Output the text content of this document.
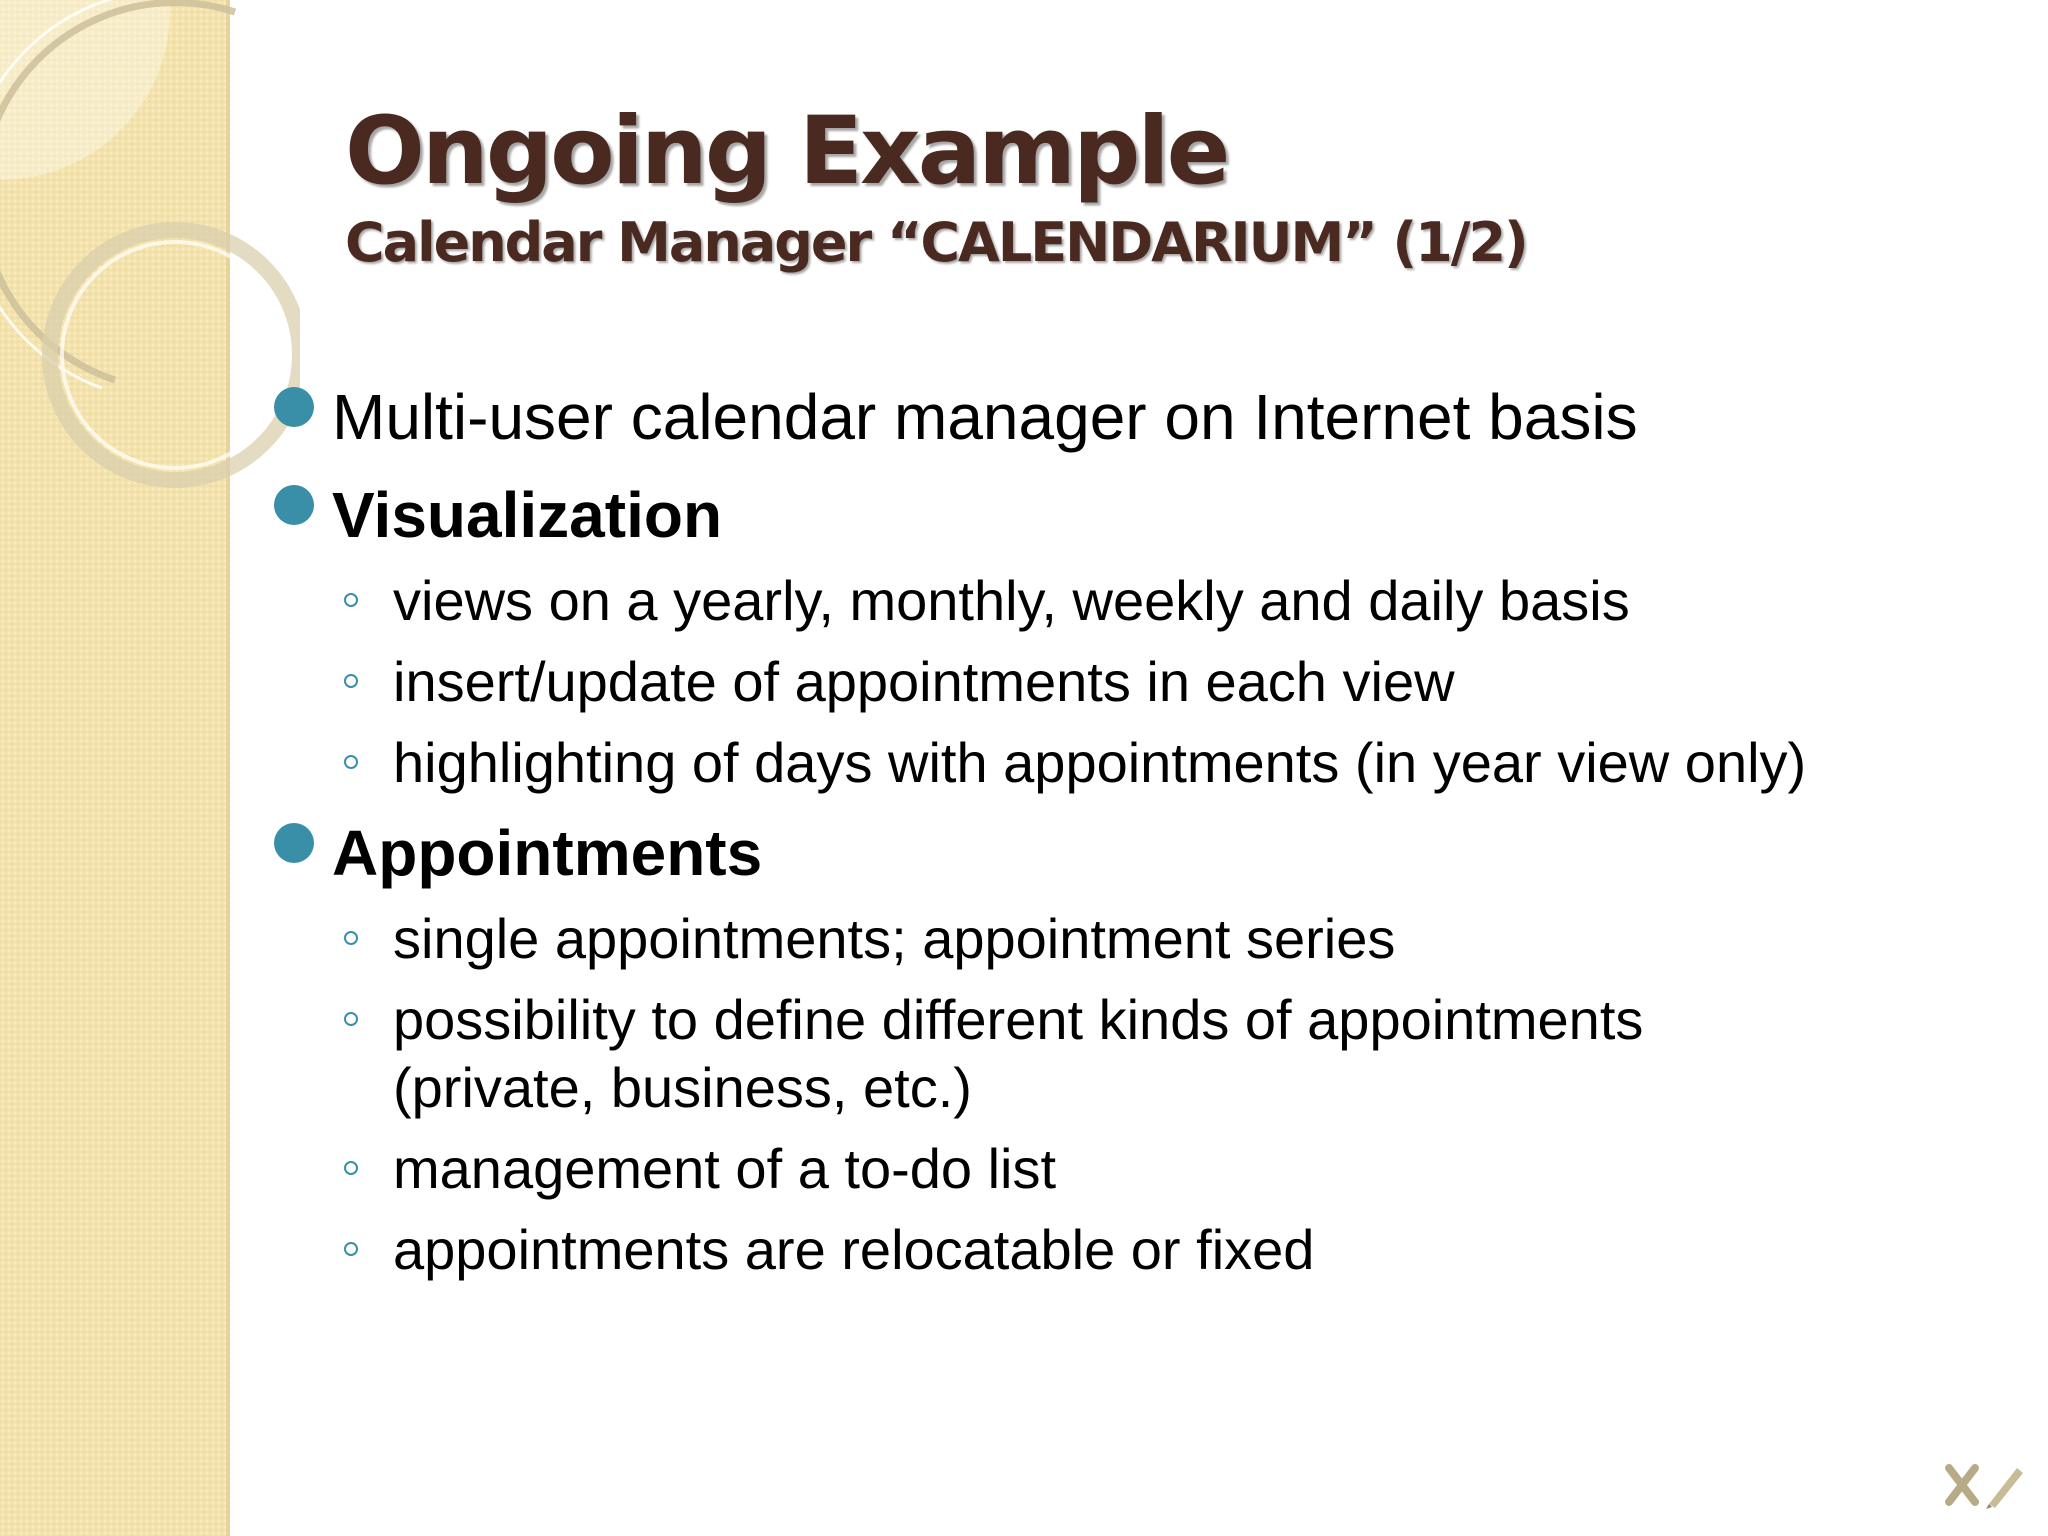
Ongoing Example
Calendar Manager “CALENDARIUM” (1/2)
Multi-user calendar manager on Internet basis
Visualization
views on a yearly, monthly, weekly and daily basis
insert/update of appointments in each view
highlighting of days with appointments (in year view only)
Appointments
single appointments; appointment series
possibility to define different kinds of appointments
(private, business, etc.)
management of a to-do list
appointments are relocatable or fixed
